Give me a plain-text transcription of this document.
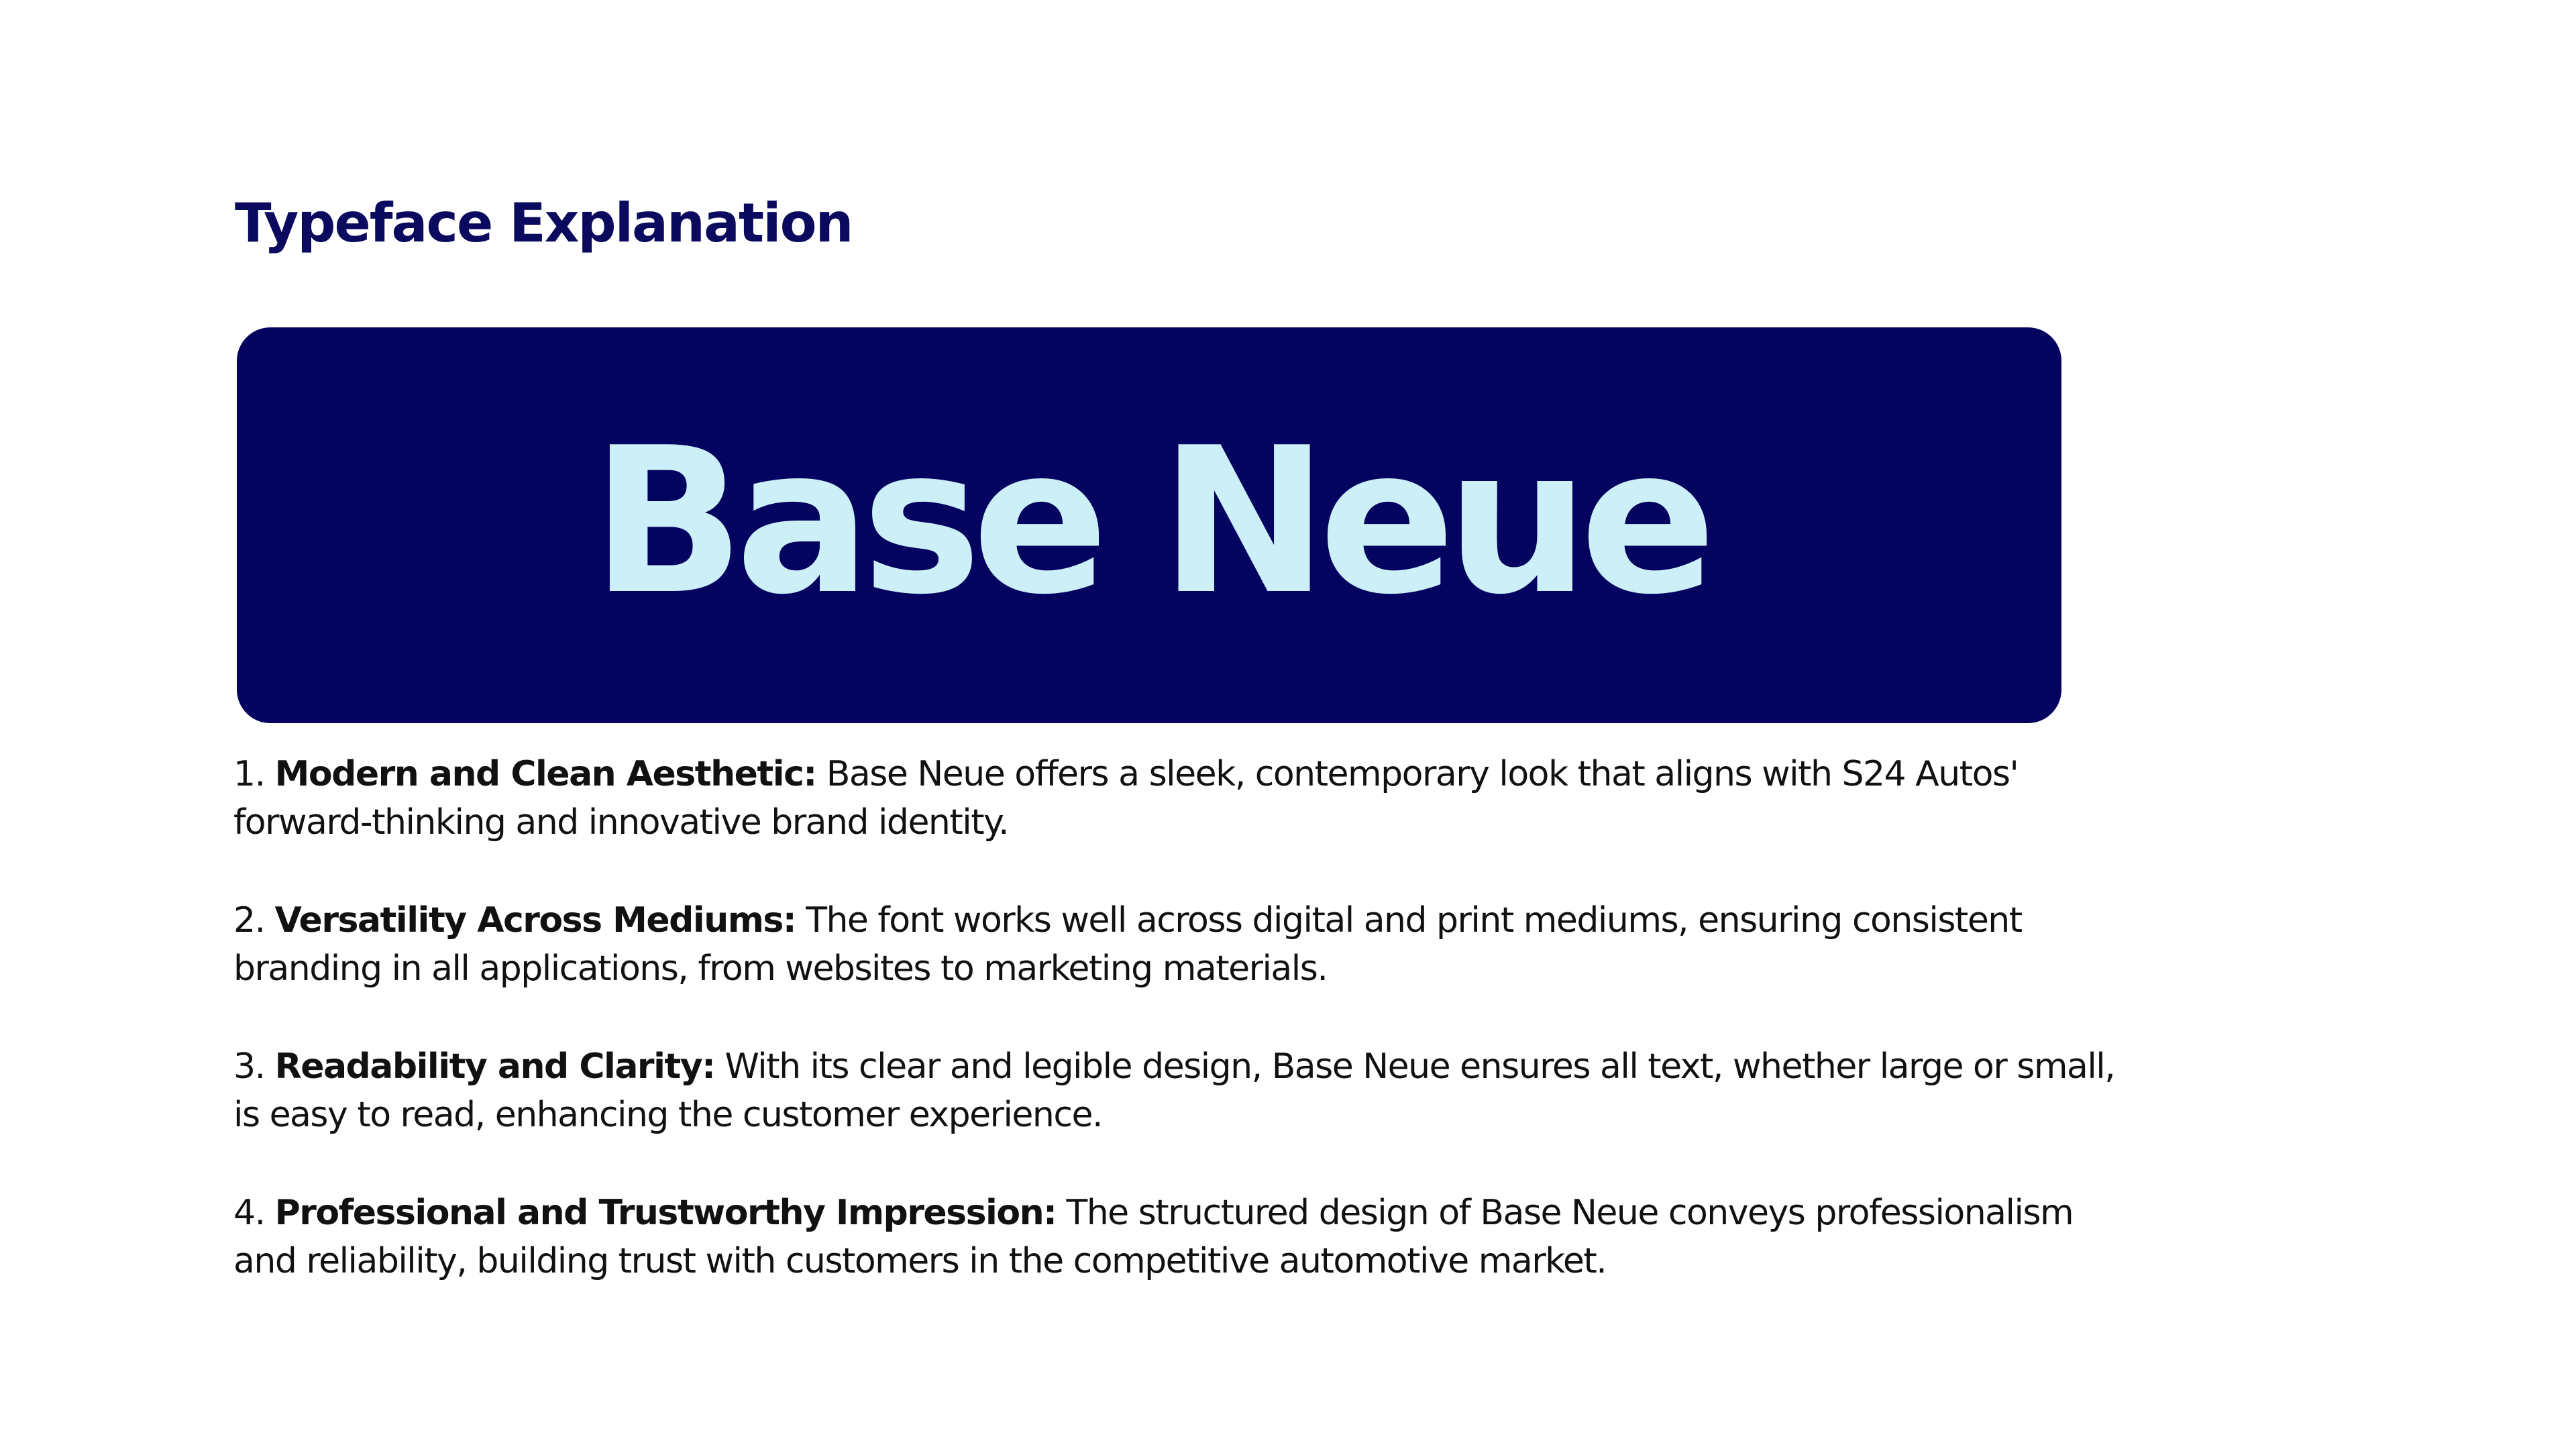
Typeface Explanation
Base Neue
1. Modern and Clean Aesthetic: Base Neue offers a sleek, contemporary look that aligns with S24 Autos' forward-thinking and innovative brand identity.
2. Versatility Across Mediums: The font works well across digital and print mediums, ensuring consistent branding in all applications, from websites to marketing materials.
3. Readability and Clarity: With its clear and legible design, Base Neue ensures all text, whether large or small, is easy to read, enhancing the customer experience.
4. Professional and Trustworthy Impression: The structured design of Base Neue conveys professionalism and reliability, building trust with customers in the competitive automotive market.
